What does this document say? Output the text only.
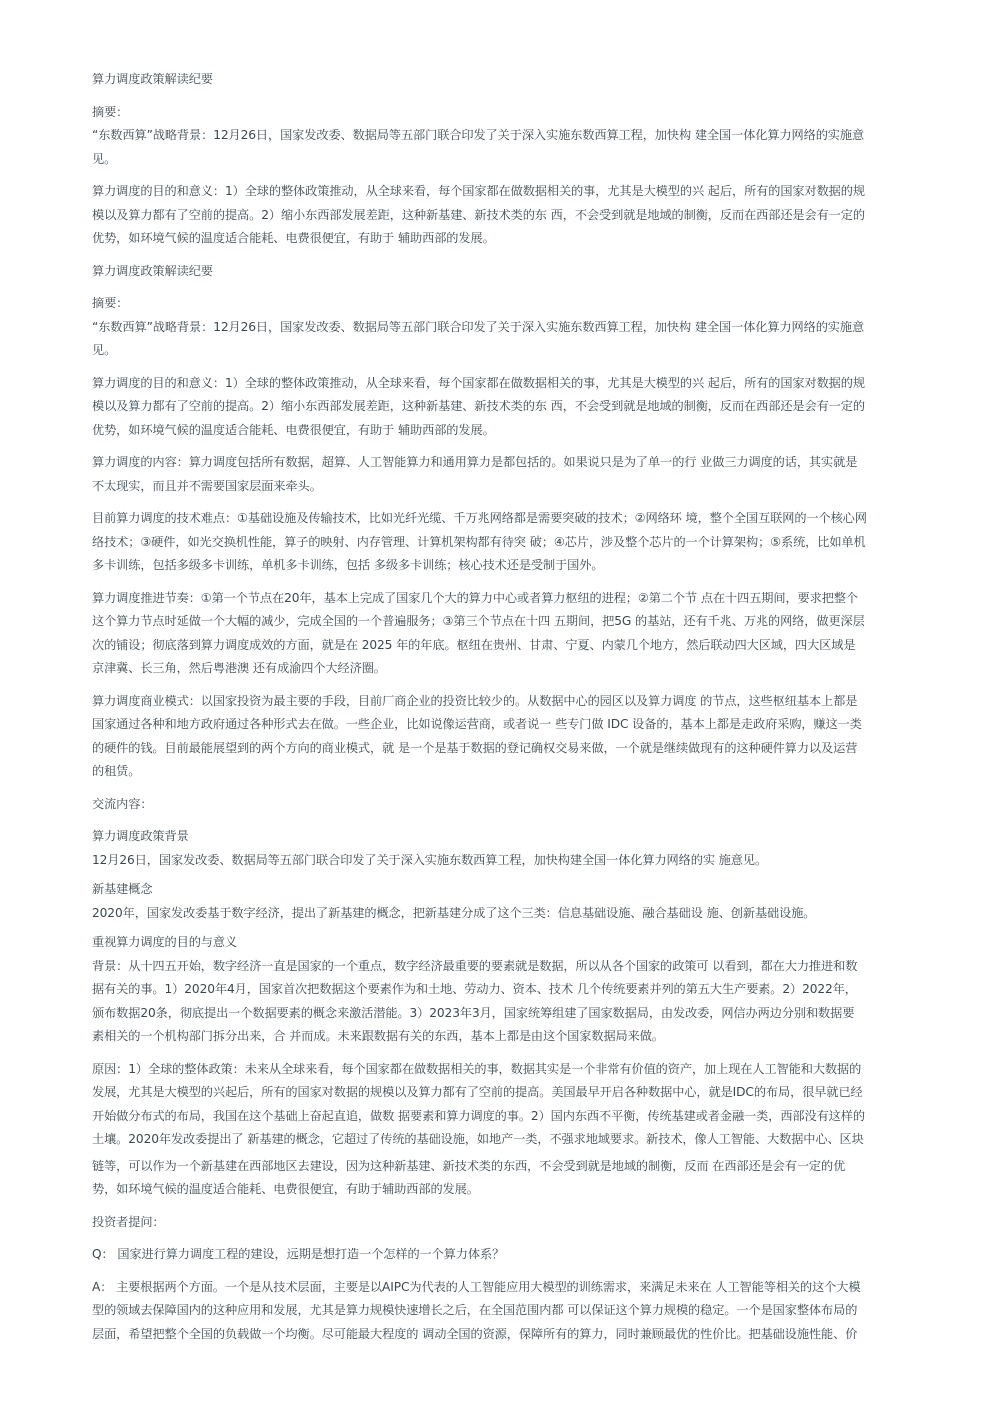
算力调度政策解读纪要
摘要：
“东数西算”战略背景：12月26日，国家发改委、数据局等五部门联合印发了关于深入实施东数西算工程，加快构 建全国一体化算力网络的实施意
见。
算力调度的目的和意义：1）全球的整体政策推动，从全球来看，每个国家都在做数据相关的事，尤其是大模型的兴 起后，所有的国家对数据的规
模以及算力都有了空前的提高。2）缩小东西部发展差距，这种新基建、新技术类的东 西，不会受到就是地域的制衡，反而在西部还是会有一定的
优势，如环境气候的温度适合能耗、电费很便宜，有助于 辅助西部的发展。
算力调度政策解读纪要
摘要：
“东数西算”战略背景：12月26日，国家发改委、数据局等五部门联合印发了关于深入实施东数西算工程，加快构 建全国一体化算力网络的实施意
见。
算力调度的目的和意义：1）全球的整体政策推动，从全球来看，每个国家都在做数据相关的事，尤其是大模型的兴 起后，所有的国家对数据的规
模以及算力都有了空前的提高。2）缩小东西部发展差距，这种新基建、新技术类的东 西，不会受到就是地域的制衡，反而在西部还是会有一定的
优势，如环境气候的温度适合能耗、电费很便宜，有助于 辅助西部的发展。
算力调度的内容：算力调度包括所有数据，超算、人工智能算力和通用算力是都包括的。如果说只是为了单一的行 业做三力调度的话，其实就是
不太现实，而且并不需要国家层面来牵头。
目前算力调度的技术难点：①基础设施及传输技术，比如光纤光缆、千万兆网络都是需要突破的技术；②网络环 境，整个全国互联网的一个核心网
络技术；③硬件，如光交换机性能，算子的映射、内存管理、计算机架构都有待突 破；④芯片，涉及整个芯片的一个计算架构；⑤系统，比如单机
多卡训练，包括多级多卡训练，单机多卡训练，包括 多级多卡训练；核心技术还是受制于国外。
算力调度推进节奏：①第一个节点在20年，基本上完成了国家几个大的算力中心或者算力枢纽的进程；②第二个节 点在十四五期间，要求把整个
这个算力节点时延做一个大幅的减少，完成全国的一个普遍服务；③第三个节点在十四 五期间，把5G 的基站，还有千兆、万兆的网络，做更深层
次的铺设；彻底落到算力调度成效的方面，就是在 2025 年的年底。枢纽在贵州、甘肃、宁夏、内蒙几个地方，然后联动四大区域，四大区域是
京津冀、长三角，然后粤港澳 还有成渝四个大经济圈。
算力调度商业模式：以国家投资为最主要的手段，目前厂商企业的投资比较少的。从数据中心的园区以及算力调度 的节点，这些枢纽基本上都是
国家通过各种和地方政府通过各种形式去在做。一些企业，比如说像运营商，或者说一 些专门做 IDC 设备的，基本上都是走政府采购，赚这一类
的硬件的钱。目前最能展望到的两个方向的商业模式，就 是一个是基于数据的登记确权交易来做，一个就是继续做现有的这种硬件算力以及运营
的租赁。
交流内容：
算力调度政策背景
12月26日，国家发改委、数据局等五部门联合印发了关于深入实施东数西算工程，加快构建全国一体化算力网络的实 施意见。
新基建概念
2020年，国家发改委基于数字经济，提出了新基建的概念，把新基建分成了这个三类：信息基础设施、融合基础设 施、创新基础设施。
重视算力调度的目的与意义
背景：从十四五开始，数字经济一直是国家的一个重点，数字经济最重要的要素就是数据，所以从各个国家的政策可 以看到，都在大力推进和数
据有关的事。1）2020年4月，国家首次把数据这个要素作为和土地、劳动力、资本、技术 几个传统要素并列的第五大生产要素。2）2022年，
颁布数据20条，彻底提出一个数据要素的概念来激活潜能。3）2023年3月，国家统筹组建了国家数据局，由发改委，网信办两边分别和数据要
素相关的一个机构部门拆分出来，合 并而成。未来跟数据有关的东西，基本上都是由这个国家数据局来做。
原因：1）全球的整体政策：未来从全球来看，每个国家都在做数据相关的事，数据其实是一个非常有价值的资产，加上现在人工智能和大数据的
发展，尤其是大模型的兴起后，所有的国家对数据的规模以及算力都有了空前的提高。美国最早开启各种数据中心，就是IDC的布局，很早就已经
开始做分布式的布局，我国在这个基础上奋起直追，做数 据要素和算力调度的事。2）国内东西不平衡，传统基建或者金融一类，西部没有这样的
土壤。2020年发改委提出了 新基建的概念，它超过了传统的基础设施，如地产一类，不强求地域要求。新技术，像人工智能、大数据中心、区块
链等，可以作为一个新基建在西部地区去建设，因为这种新基建、新技术类的东西，不会受到就是地域的制衡，反而 在西部还是会有一定的优
势，如环境气候的温度适合能耗、电费很便宜，有助于辅助西部的发展。
投资者提问：
Q： 国家进行算力调度工程的建设，远期是想打造一个怎样的一个算力体系？
A： 主要根据两个方面。一个是从技术层面，主要是以AIPC为代表的人工智能应用大模型的训练需求，来满足未来在 人工智能等相关的这个大模
型的领域去保障国内的这种应用和发展，尤其是算力规模快速增长之后，在全国范围内都 可以保证这个算力规模的稳定。一个是国家整体布局的
层面，希望把整个全国的负载做一个均衡。尽可能最大程度的 调动全国的资源，保障所有的算力，同时兼顾最优的性价比。把基础设施性能、价
